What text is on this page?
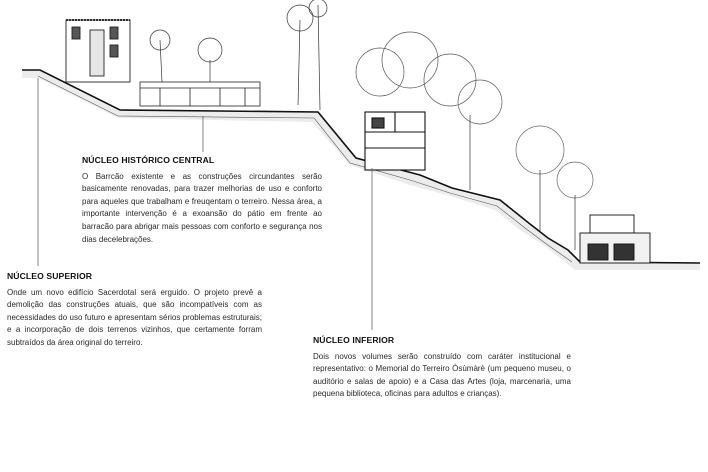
NÚCLEO HISTÓRICO CENTRAL

O Barrcão existente e as construções circundantes serão basicamente renovadas, para trazer melhorias de uso e conforto para aqueles que trabalham e freuqentam o terreiro. Nessa área, a importante intervenção é a exoansão do pátio em frente ao barracão para abrigar mais pessoas com conforto e segurança nos dias decelebrações.

NÚCLEO SUPERIOR

Onde um novo edifício Sacerdotal será erguido. O projeto prevê a demolição das construções atuais, que são incompatíveis com as necessidades do uso futuro e apresentam sérios problemas estruturais; e a incorporação de dois terrenos vizinhos, que certamente forram subtraídos da área original do terreiro.	NÚCLEO INFERIOR

Dois novos volumes serão construído com caráter institucional e representativo: o Memorial do Terreiro Ósùmàrè (um pequeno museu, o auditório e salas de apoio) e a Casa das Artes (loja, marcenaria, uma pequena biblioteca, oficinas para adultos e crianças).
